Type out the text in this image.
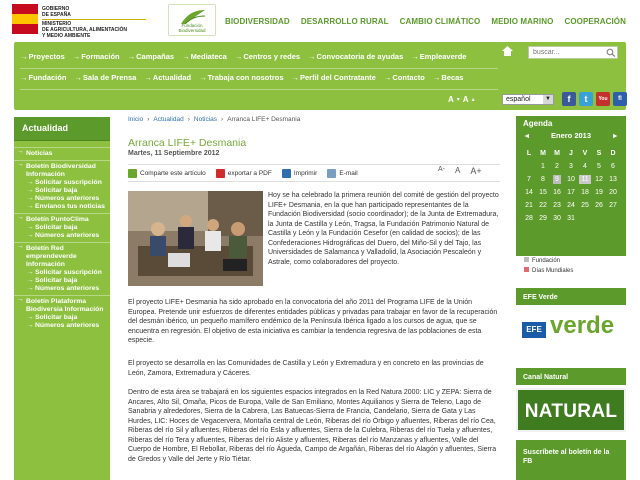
GOBIERNO
DE ESPAÑA
MINISTERIO
DE AGRICULTURA, ALIMENTACIÓN
Y MEDIO AMBIENTE
Fundación Biodiversidad
BIODIVERSIDAD DESARROLLO RURAL CAMBIO CLIMÁTICO MEDIO MARINO COOPERACIÓN
→Proyectos →Formación →Campañas →Mediateca →Centros y redes →Convocatoria de ayudas →Empleaverde
→Fundación →Sala de Prensa →Actualidad →Trabaja con nosotros →Perfil del Contratante →Contacto →Becas
buscar...
A ▾ A ▴	español	▼	f	t	You	fl
Actualidad
→ Noticias
→ Boletín Biodiversidad Información
→ Solicitar suscripción
→ Solicitar baja
→ Números anteriores
→ Envíanos tus noticias
→ Boletín PuntoClima
→ Solicitar baja
→ Números anteriores
→ Boletín Red emprendeverde Información
→ Solicitar suscripción
→ Solicitar baja
→ Números anteriores
→ Boletín Plataforma Biodiversia Información
→ Solicitar baja
→ Números anteriores
Inicio › Actualidad › Noticias › Arranca LIFE+ Desmania
Arranca LIFE+ Desmania
Martes, 11 Septiembre 2012
Comparte este artículo	exportar a PDF	Imprimir	E-mail	A- A A+
Hoy se ha celebrado la primera reunión del comité de gestión del proyecto LIFE+ Desmania, en la que han participado representantes de la Fundación Biodiversidad (socio coordinador); de la Junta de Extremadura, la Junta de Castilla y León, Tragsa, la Fundación Patrimonio Natural de Castilla y León y la Fundación Cesefor (en calidad de socios); de las Confederaciones Hidrográficas del Duero, del Miño-Sil y del Tajo, las Universidades de Salamanca y Valladolid, la Asociación Pescaleón y Astrale, como colaboradores del proyecto.
El proyecto LIFE+ Desmania ha sido aprobado en la convocatoria del año 2011 del Programa LIFE de la Unión Europea. Pretende unir esfuerzos de diferentes entidades públicas y privadas para trabajar en favor de la recuperación del desmán ibérico, un pequeño mamífero endémico de la Península Ibérica ligado a los cursos de agua, que se encuentra en regresión. El objetivo de esta iniciativa es cambiar la tendencia regresiva de las poblaciones de esta especie.
El proyecto se desarrolla en las Comunidades de Castilla y León y Extremadura y en concreto en las provincias de León, Zamora, Extremadura y Cáceres.
Dentro de esta área se trabajará en los siguientes espacios integrados en la Red Natura 2000: LIC y ZEPA: Sierra de Ancares, Alto Sil, Omaña, Picos de Europa, Valle de San Emiliano, Montes Aquilianos y Sierra de Teleno, Lago de Sanabria y alrededores, Sierra de la Cabrera, Las Batuecas-Sierra de Francia, Candelario, Sierra de Gata y Las Hurdes, LIC: Hoces de Vegacervera, Montaña central de León, Riberas del río Órbigo y afluentes, Riberas del río Cea, Riberas del río Sil y afluentes, Riberas del río Esla y afluentes, Sierra de la Culebra, Riberas del río Tuela y afluentes, Riberas del río Tera y afluentes, Riberas del río Aliste y afluentes, Riberas del río Manzanas y afluentes, Valle del Cuerpo de Hombre, El Rebollar, Riberas del río Águeda, Campo de Argañán, Riberas del río Alagón y afluentes, Sierra de Gredos y Valle del Jerte y Río Tiétar.
Agenda
◂	Enero 2013	▸
L	M	M	J	V	S	D
	1	2	3	4	5	6
7	8	9	10	11	12	13
14	15	16	17	18	19	20
21	22	23	24	25	26	27
28	29	30	31			
Fundación
Días Mundiales
EFE Verde
EFE verde
Canal Natural
NATURAL
Suscríbete al boletín de la FB
